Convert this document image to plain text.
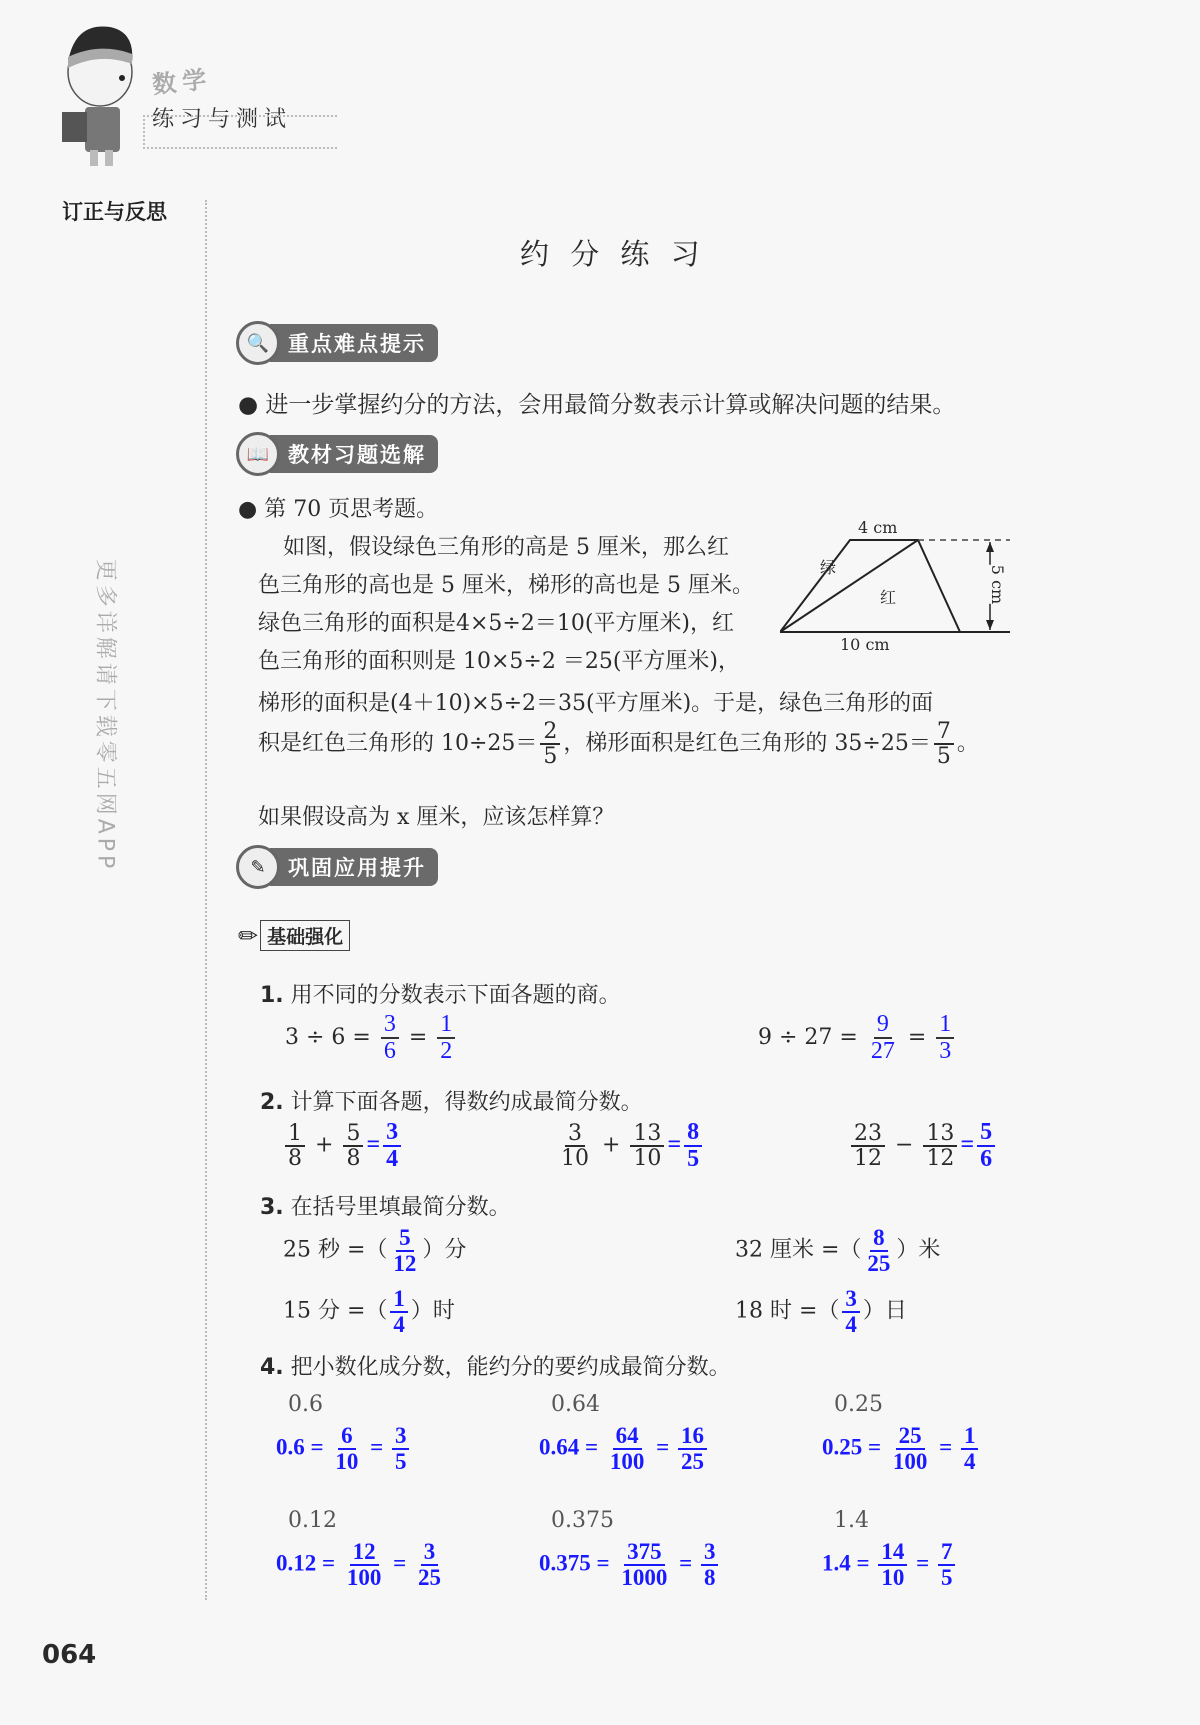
数学
练习与测试
订正与反思
约 分 练 习
🔍 重点难点提示
● 进一步掌握约分的方法，会用最简分数表示计算或解决问题的结果。
📖 教材习题选解
● 第 70 页思考题。
如图，假设绿色三角形的高是 5 厘米，那么红
色三角形的高也是 5 厘米，梯形的高也是 5 厘米。
绿色三角形的面积是4×5÷2＝10(平方厘米)，红
色三角形的面积则是 10×5÷2 ＝25(平方厘米)，
梯形的面积是(4＋10)×5÷2＝35(平方厘米)。于是，绿色三角形的面
积是红色三角形的 $10\div 25= \frac{2}{5}$ ，梯形面积是红色三角形的 $35\div 25= \frac{7}{5}$ 。
如果假设高为 x 厘米，应该怎样算？
4 cm
10 cm
5 cm
绿
红
更多详解请下载零五网APP	✎	巩固应用提升
✏ 基础强化
1. 用不同的分数表示下面各题的商。
$3 \div 6 = \frac{3}{6} = \frac{1}{2}$	$9 \div 27 = \frac{9}{27} = \frac{1}{3}$
2. 计算下面各题，得数约成最简分数。
$\frac{1}{8} + \frac{5}{8} = \frac{3}{4}$	$\frac{3}{10} + \frac{13}{10} = \frac{8}{5}$	$\frac{23}{12} - \frac{13}{12} = \frac{5}{6}$
3. 在括号里填最简分数。
25 秒 =（ $\frac{5}{12}$ ）分	32 厘米 =（ $\frac{8}{25}$ ）米
15 分 =（ $\frac{1}{4}$ ）时	18 时 =（ $\frac{3}{4}$ ）日
4. 把小数化成分数，能约分的要约成最简分数。
0.6
$0.6 = \frac{6}{10} = \frac{3}{5}$
0.64
$0.64 = \frac{64}{100} = \frac{16}{25}$
0.25
$0.25 = \frac{25}{100} = \frac{1}{4}$
0.12
$0.12 = \frac{12}{100} = \frac{3}{25}$
0.375
$0.375 = \frac{375}{1000} = \frac{3}{8}$
1.4
$1.4 = \frac{14}{10} = \frac{7}{5}$
064
